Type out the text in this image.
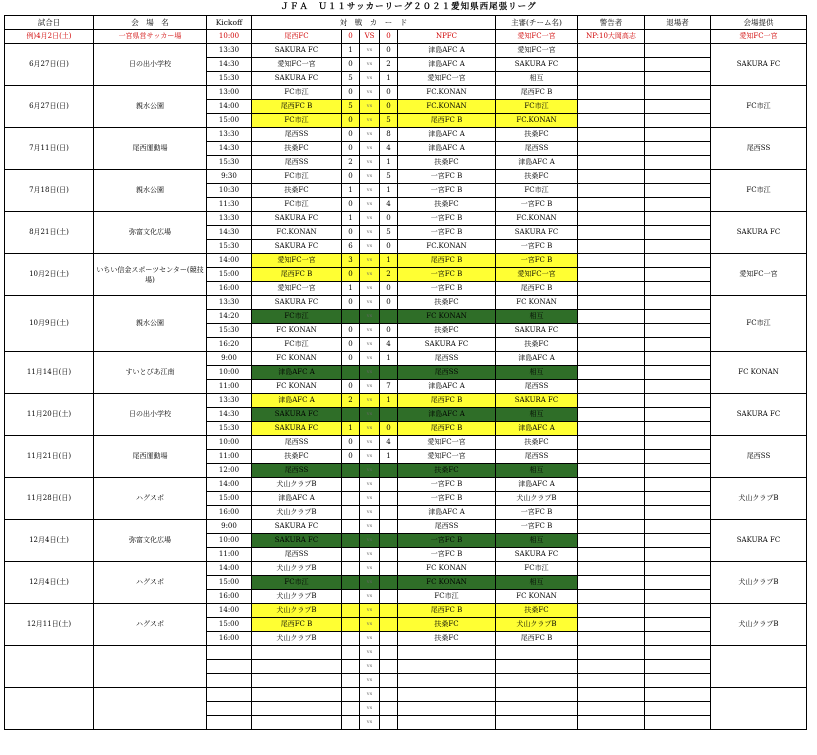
ＪＦＡ　Ｕ１１サッカーリーグ２０２１愛知県西尾張リーグ
試合日	会　場　名	Kickoff	対　戦　カ　ー　ド					主審(チーム名)	警告者	退場者	会場提供
例)4月2日(土)	一宮県営サッカー場	10:00	尾西FC	0	VS	0	NPFC	愛知FC一宮	NP:10大岡高志		愛知FC一宮
6月27日(日)	日の出小学校	13:30	SAKURA FC	1	vs	0	津島AFC A	愛知FC一宮			SAKURA FC
		14:30	愛知FC一宮	0	vs	2	津島AFC A	SAKURA FC			
		15:30	SAKURA FC	5	vs	1	愛知FC一宮	相互			
6月27日(日)	親水公園	13:00	FC市江	0	vs	0	FC.KONAN	尾西FC B			FC市江
		14:00	尾西FC B	5	vs	0	FC.KONAN	FC市江			
		15:00	FC市江	0	vs	5	尾西FC B	FC.KONAN			
7月11日(日)	尾西運動場	13:30	尾西SS	0	vs	8	津島AFC A	扶桑FC			尾西SS
		14:30	扶桑FC	0	vs	4	津島AFC A	尾西SS			
		15:30	尾西SS	2	vs	1	扶桑FC	津島AFC A			
7月18日(日)	親水公園	9:30	FC市江	0	vs	5	一宮FC B	扶桑FC			FC市江
		10:30	扶桑FC	1	vs	1	一宮FC B	FC市江			
		11:30	FC市江	0	vs	4	扶桑FC	一宮FC B			
8月21日(土)	弥富文化広場	13:30	SAKURA FC	1	vs	0	一宮FC B	FC.KONAN			SAKURA FC
		14:30	FC.KONAN	0	vs	5	一宮FC B	SAKURA FC			
		15:30	SAKURA FC	6	vs	0	FC.KONAN	一宮FC B			
10月2日(土)	いちい信金スポーツセンター(競技場)	14:00	愛知FC一宮	3	vs	1	尾西FC B	一宮FC B			愛知FC一宮
		15:00	尾西FC B	0	vs	2	一宮FC B	愛知FC一宮			
		16:00	愛知FC一宮	1	vs	0	一宮FC B	尾西FC B			
10月9日(土)	親水公園	13:30	SAKURA FC	0	vs	0	扶桑FC	FC KONAN			FC市江
		14:20	FC市江		vs		FC KONAN	相互			
		15:30	FC KONAN	0	vs	0	扶桑FC	SAKURA FC			
		16:20	FC市江	0	vs	4	SAKURA FC	扶桑FC			
11月14日(日)	すいとぴあ江南	9:00	FC KONAN	0	vs	1	尾西SS	津島AFC A			FC KONAN
		10:00	津島AFC A		vs		尾西SS	相互			
		11:00	FC KONAN	0	vs	7	津島AFC A	尾西SS			
11月20日(土)	日の出小学校	13:30	津島AFC A	2	vs	1	尾西FC B	SAKURA FC			SAKURA FC
		14:30	SAKURA FC		vs		津島AFC A	相互			
		15:30	SAKURA FC	1	vs	0	尾西FC B	津島AFC A			
11月21日(日)	尾西運動場	10:00	尾西SS	0	vs	4	愛知FC一宮	扶桑FC			尾西SS
		11:00	扶桑FC	0	vs	1	愛知FC一宮	尾西SS			
		12:00	尾西SS		vs		扶桑FC	相互			
11月28日(日)	ハグスポ	14:00	犬山クラブB		vs		一宮FC B	津島AFC A			犬山クラブB
		15:00	津島AFC A		vs		一宮FC B	犬山クラブB			
		16:00	犬山クラブB		vs		津島AFC A	一宮FC B			
12月4日(土)	弥富文化広場	9:00	SAKURA FC		vs		尾西SS	一宮FC B			SAKURA FC
		10:00	SAKURA FC		vs		一宮FC B	相互			
		11:00	尾西SS		vs		一宮FC B	SAKURA FC			
12月4日(土)	ハグスポ	14:00	犬山クラブB		vs		FC KONAN	FC市江			犬山クラブB
		15:00	FC市江		vs		FC KONAN	相互			
		16:00	犬山クラブB		vs		FC市江	FC KONAN			
12月11日(土)	ハグスポ	14:00	犬山クラブB		vs		尾西FC B	扶桑FC			犬山クラブB
		15:00	尾西FC B		vs		扶桑FC	犬山クラブB			
		16:00	犬山クラブB		vs		扶桑FC	尾西FC B			
					vs						
					vs						
					vs						
					vs						
					vs						
					vs						
